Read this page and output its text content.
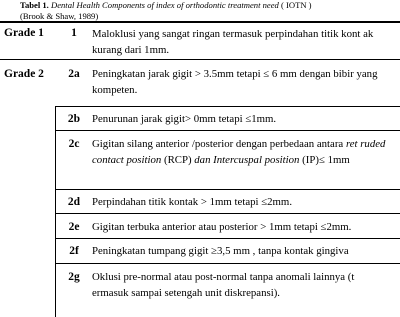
Tabel 1. Dental Health Components of index of orthodontic treatment need ( IOTN )
(Brook & Shaw, 1989)
Grade 1	1	Maloklusi yang sangat ringan termasuk perpindahan titik kont ak kurang dari 1mm.
Grade 2	2a	Peningkatan jarak gigit > 3.5mm tetapi ≤ 6 mm dengan bibir yang kompeten.
2b	Penurunan jarak gigit> 0mm tetapi ≤1mm.
2c	Gigitan silang anterior /posterior dengan perbedaan antara ret ruded contact position (RCP) dan Intercuspal position (IP)≤ 1mm
2d	Perpindahan titik kontak > 1mm tetapi ≤2mm.
2e	Gigitan terbuka anterior atau posterior > 1mm tetapi ≤2mm.
2f	Peningkatan tumpang gigit ≥3,5 mm , tanpa kontak gingiva
2g	Oklusi pre-normal atau post-normal tanpa anomali lainnya (t ermasuk sampai setengah unit diskrepansi).
